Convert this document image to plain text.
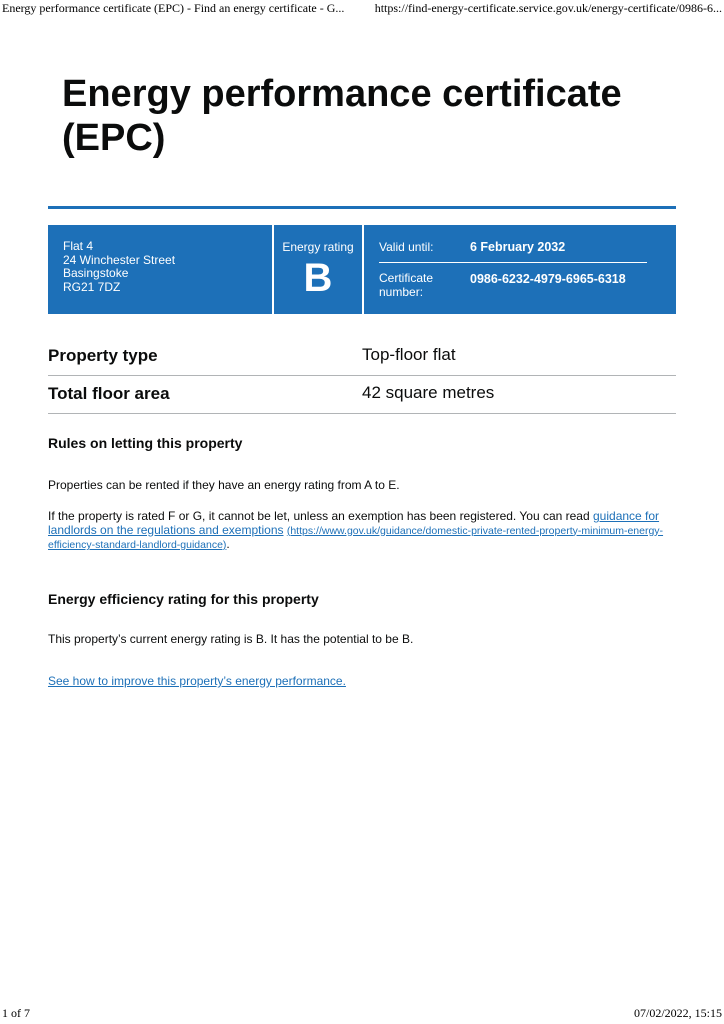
Energy performance certificate (EPC) - Find an energy certificate - G...	https://find-energy-certificate.service.gov.uk/energy-certificate/0986-6...
Energy performance certificate (EPC)
Flat 4
24 Winchester Street
Basingstoke
RG21 7DZ
Energy rating
B
Valid until:	6 February 2032
Certificate number:
0986-6232-4979-6965-6318
Property type	Top-floor flat
Total floor area	42 square metres
Rules on letting this property

Properties can be rented if they have an energy rating from A to E.

If the property is rated F or G, it cannot be let, unless an exemption has been registered. You can read guidance for landlords on the regulations and exemptions (https://www.gov.uk/guidance/domestic-private-rented-property-minimum-energy-efficiency-standard-landlord-guidance).

Energy efficiency rating for this property

This property’s current energy rating is B. It has the potential to be B.

See how to improve this property’s energy performance.

1 of 7	07/02/2022, 15:15
